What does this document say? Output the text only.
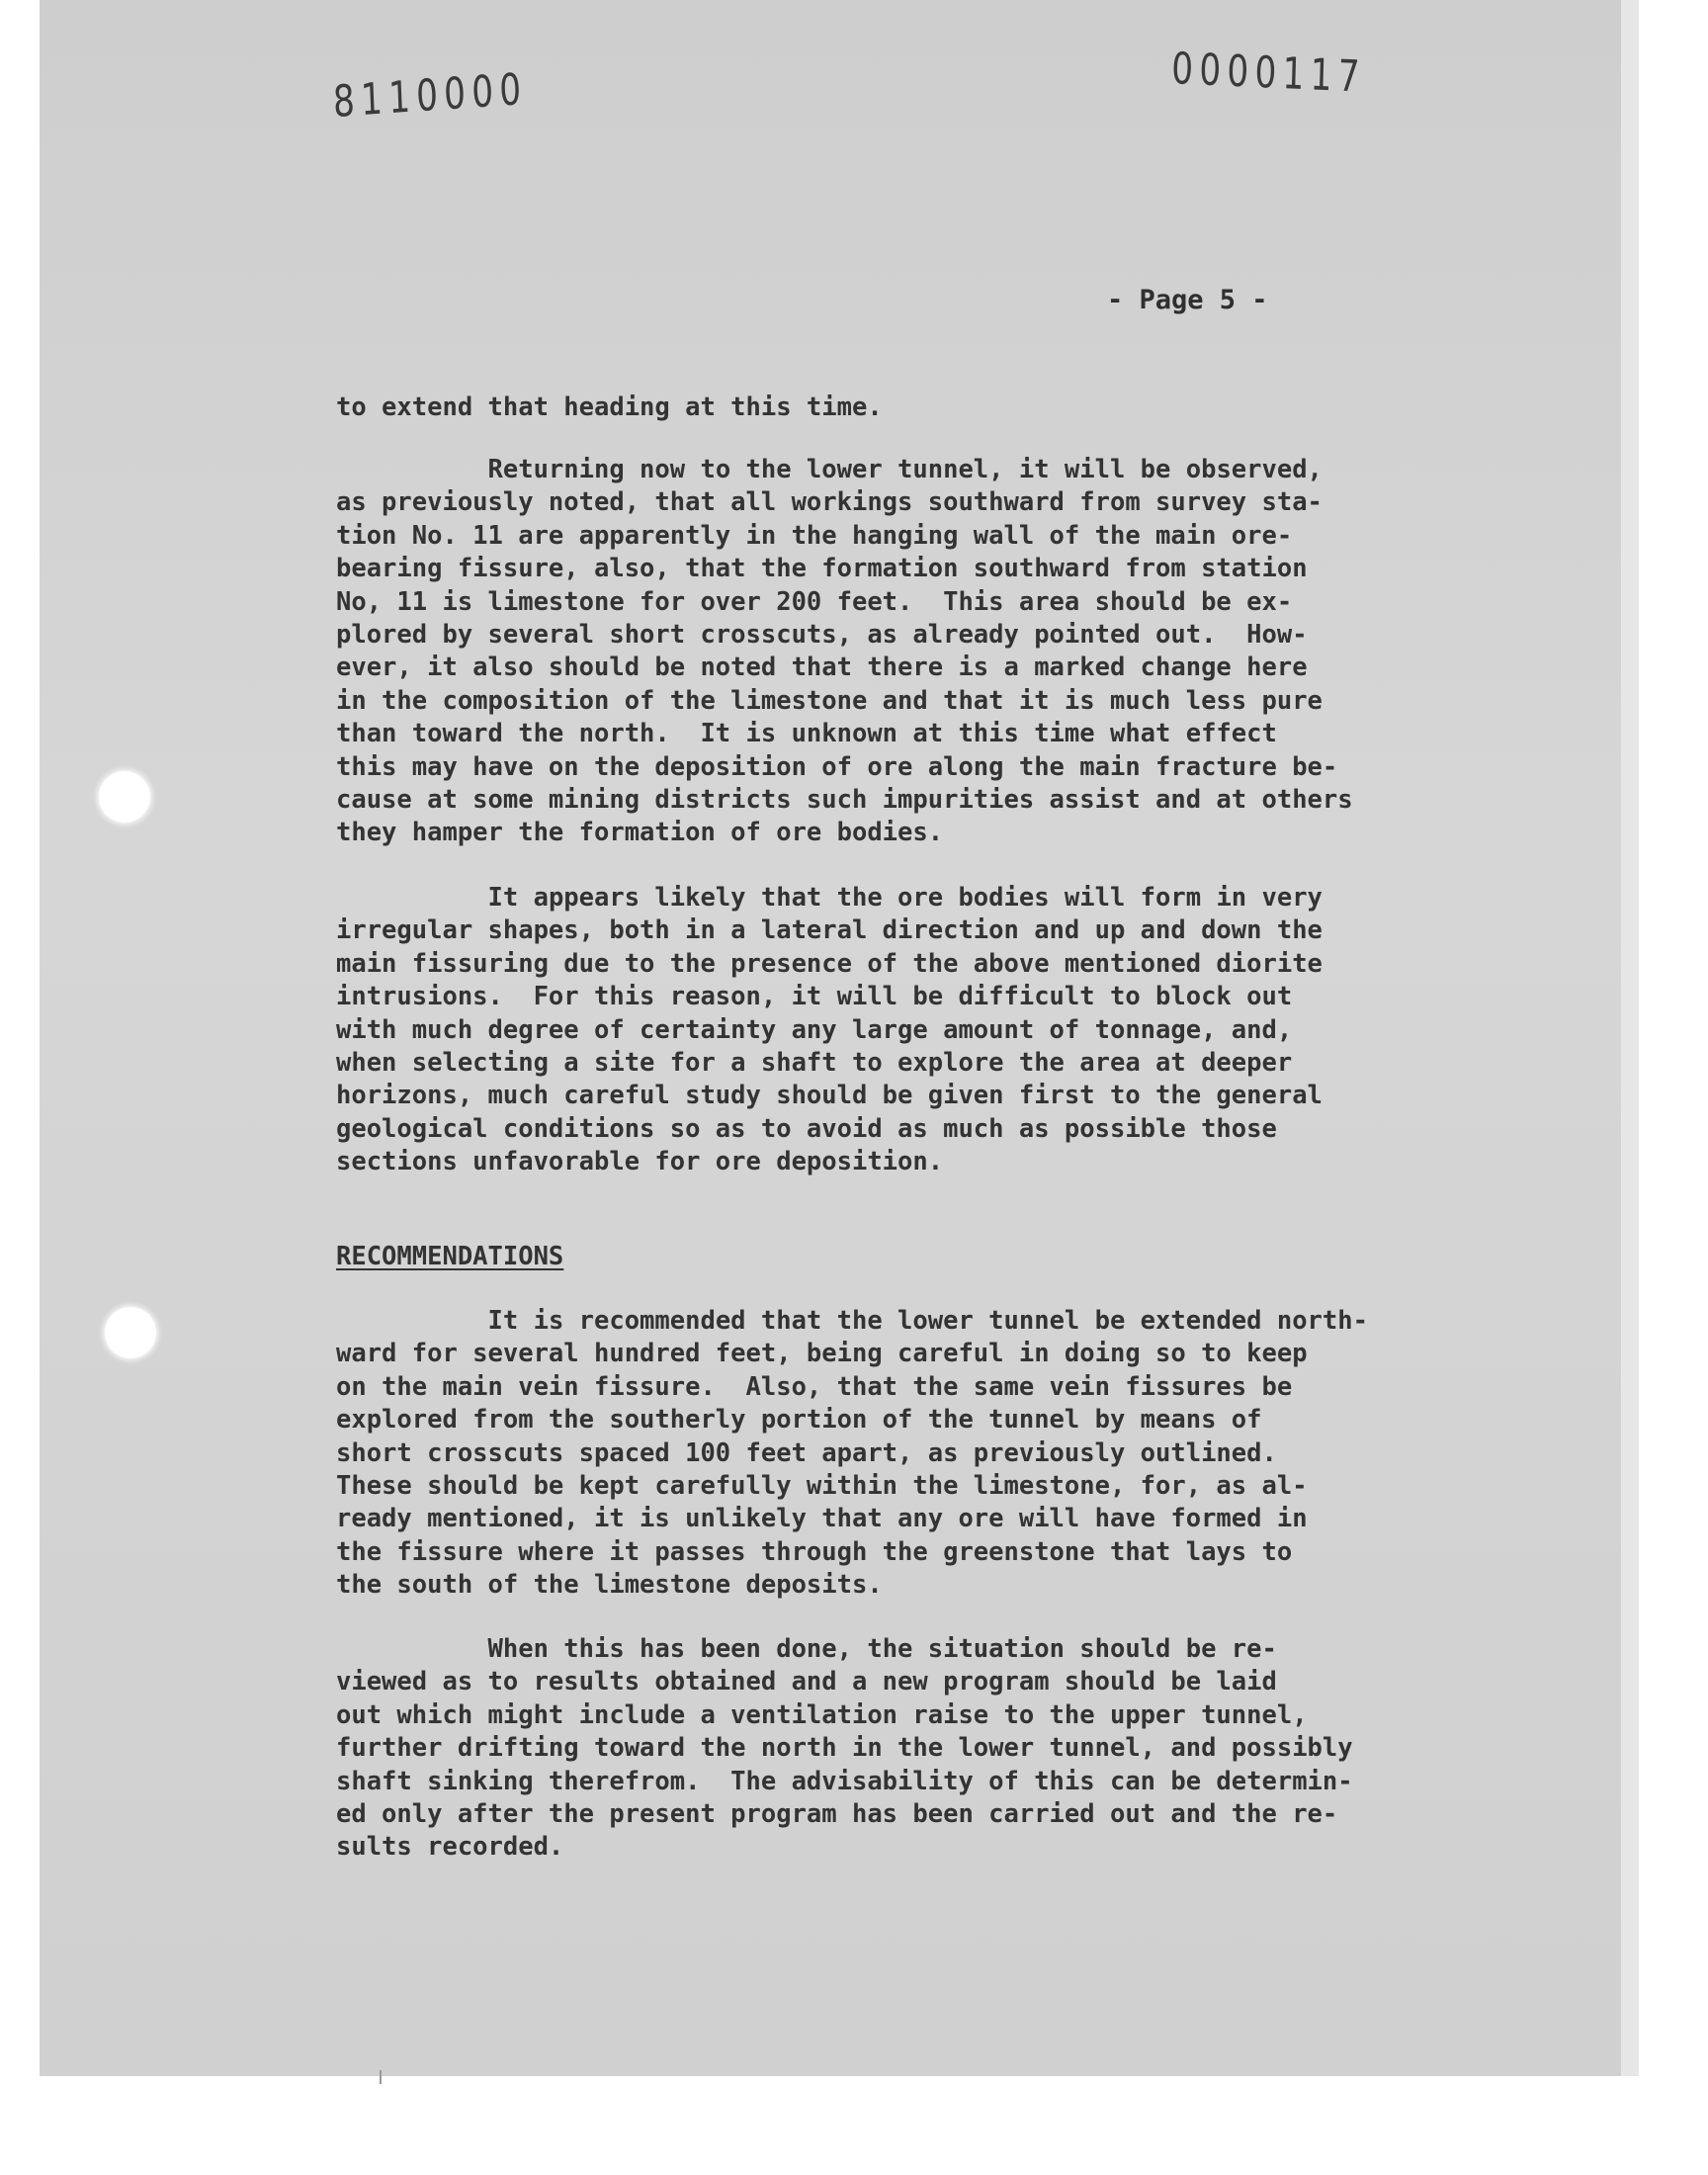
8110000	0000117
- Page 5 -

to extend that heading at this time.

Returning now to the lower tunnel, it will be observed,
as previously noted, that all workings southward from survey sta-
tion No. 11 are apparently in the hanging wall of the main ore-
bearing fissure, also, that the formation southward from station
No, 11 is limestone for over 200 feet.  This area should be ex-
plored by several short crosscuts, as already pointed out.  How-
ever, it also should be noted that there is a marked change here
in the composition of the limestone and that it is much less pure
than toward the north.  It is unknown at this time what effect
this may have on the deposition of ore along the main fracture be-
cause at some mining districts such impurities assist and at others
they hamper the formation of ore bodies.

It appears likely that the ore bodies will form in very
irregular shapes, both in a lateral direction and up and down the
main fissuring due to the presence of the above mentioned diorite
intrusions.  For this reason, it will be difficult to block out
with much degree of certainty any large amount of tonnage, and,
when selecting a site for a shaft to explore the area at deeper
horizons, much careful study should be given first to the general
geological conditions so as to avoid as much as possible those
sections unfavorable for ore deposition.

RECOMMENDATIONS

It is recommended that the lower tunnel be extended north-
ward for several hundred feet, being careful in doing so to keep
on the main vein fissure.  Also, that the same vein fissures be
explored from the southerly portion of the tunnel by means of
short crosscuts spaced 100 feet apart, as previously outlined.
These should be kept carefully within the limestone, for, as al-
ready mentioned, it is unlikely that any ore will have formed in
the fissure where it passes through the greenstone that lays to
the south of the limestone deposits.

When this has been done, the situation should be re-
viewed as to results obtained and a new program should be laid
out which might include a ventilation raise to the upper tunnel,
further drifting toward the north in the lower tunnel, and possibly
shaft sinking therefrom.  The advisability of this can be determin-
ed only after the present program has been carried out and the re-
sults recorded.
